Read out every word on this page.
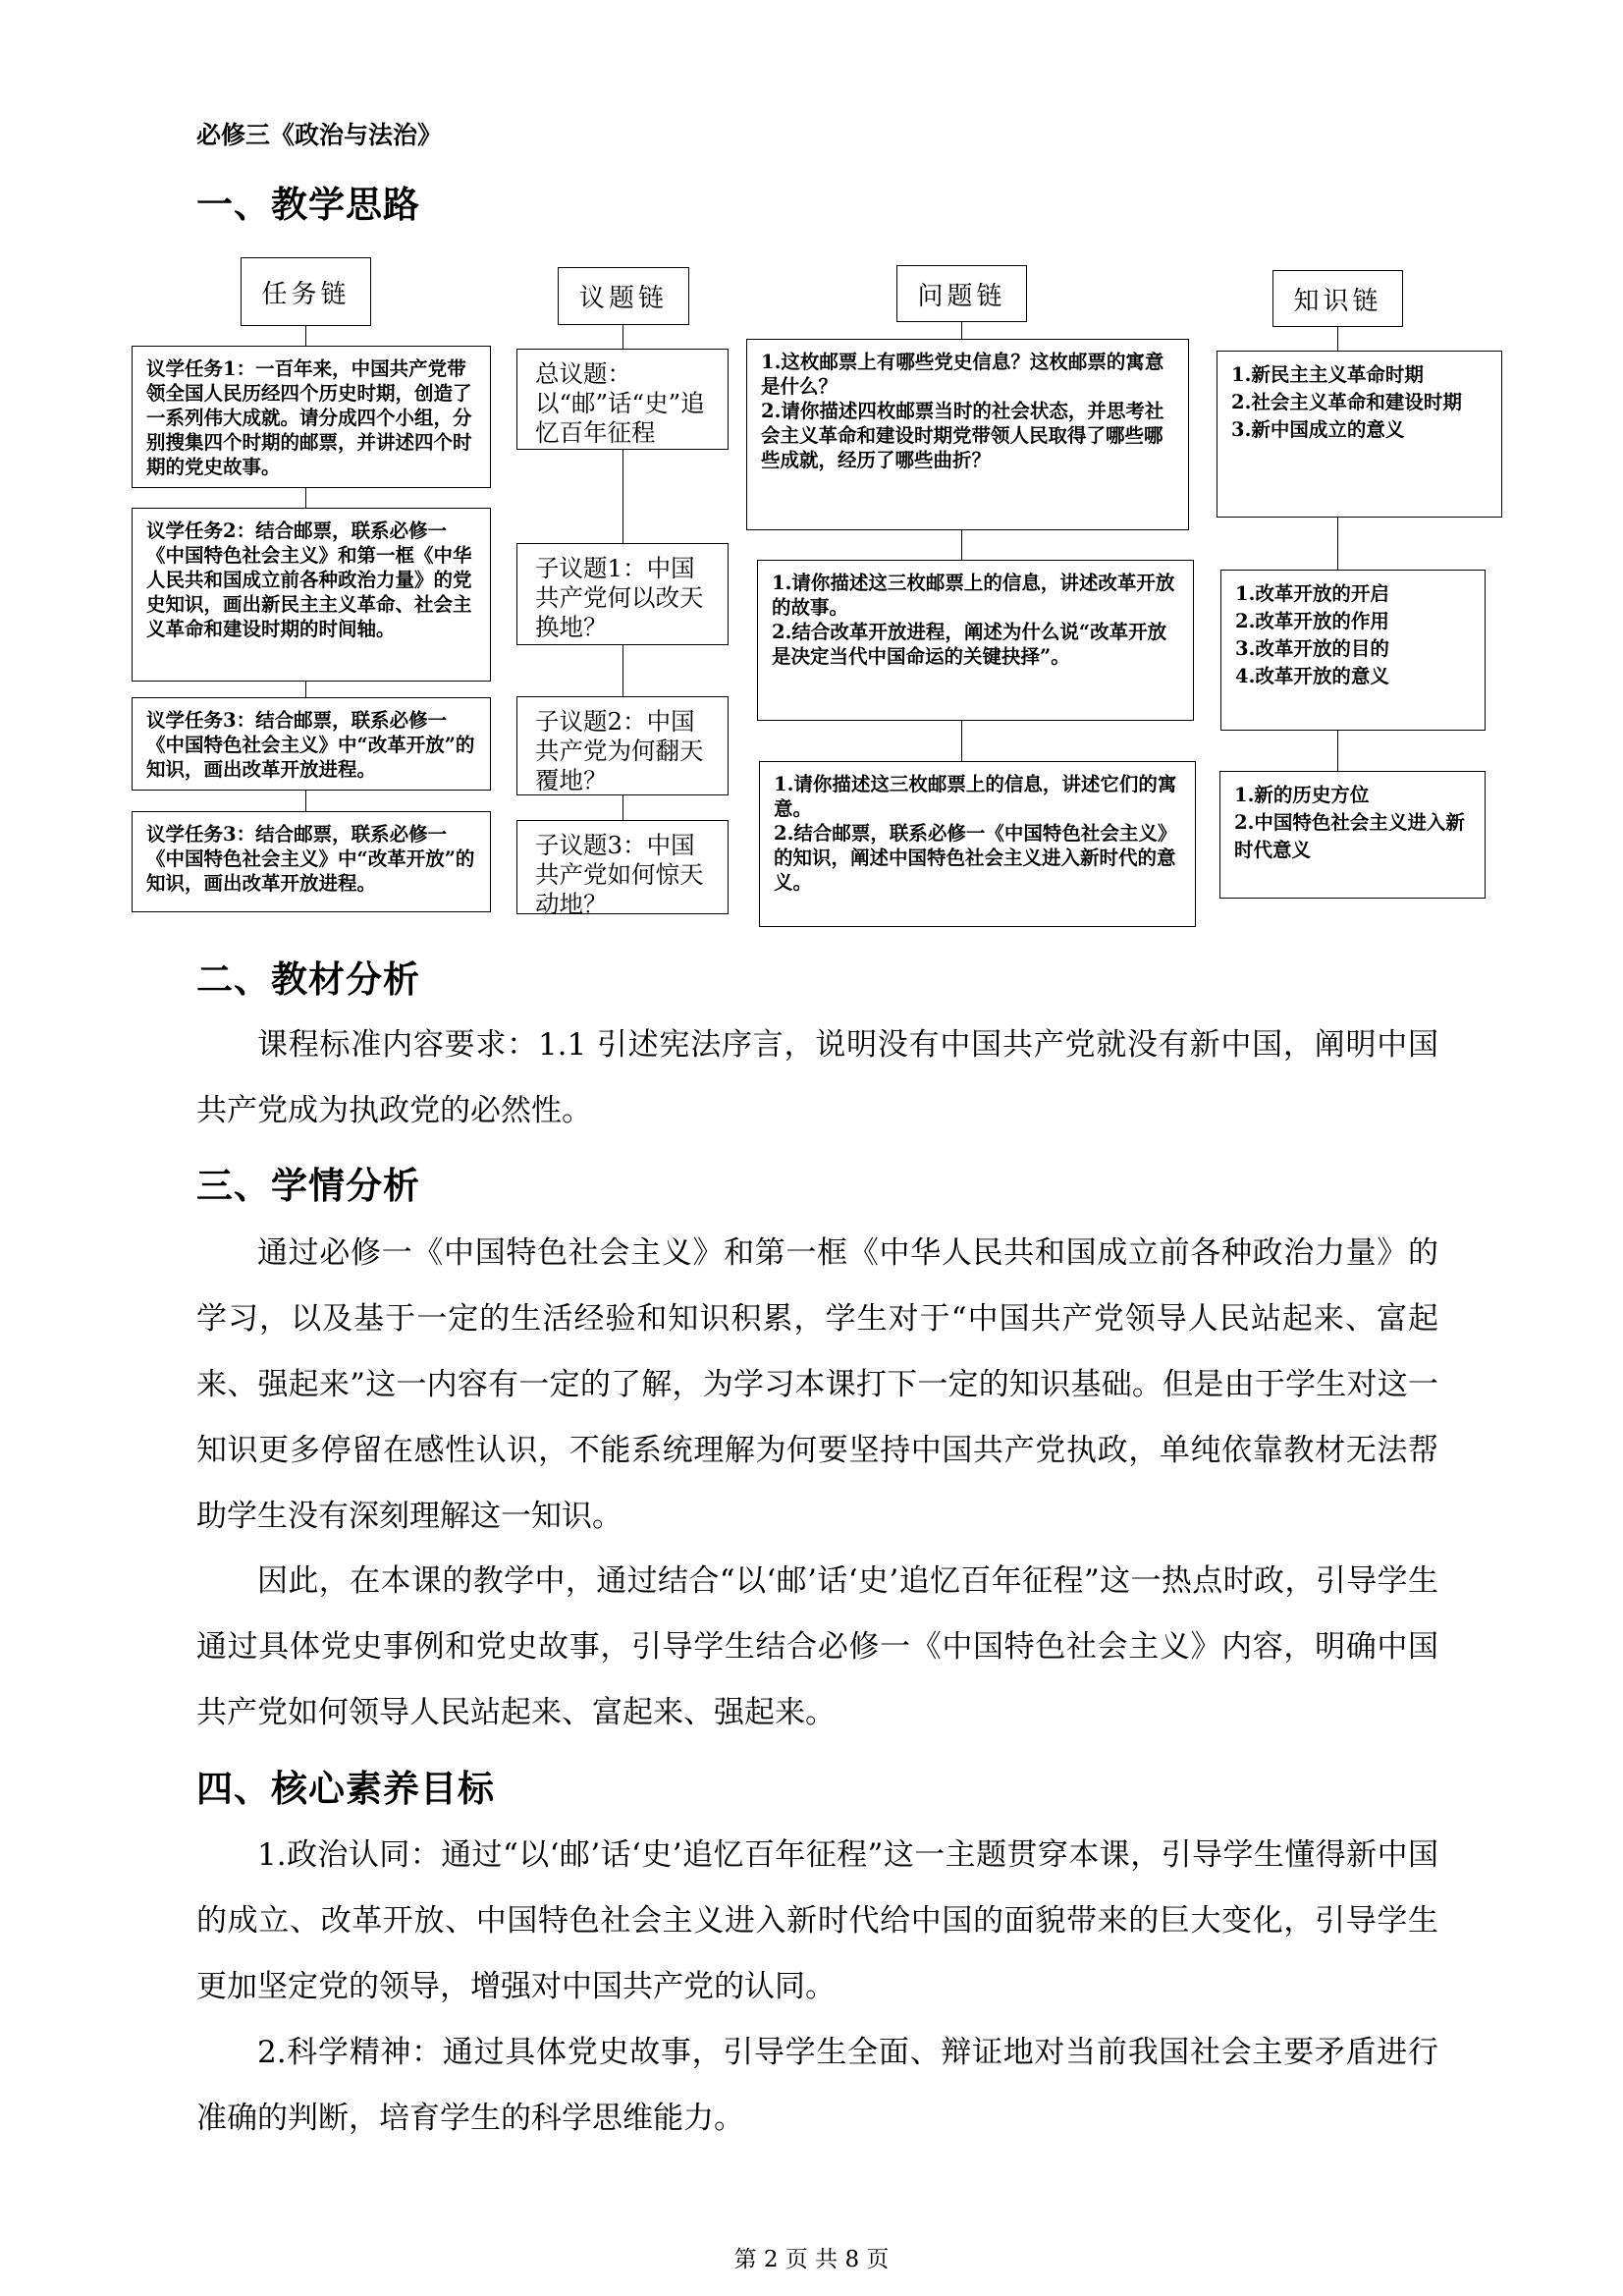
必修三《政治与法治》
一、教学思路
任务链	议题链	问题链	知识链
议学任务1：一百年来，中国共产党带领全国人民历经四个历史时期，创造了一系列伟大成就。请分成四个小组，分别搜集四个时期的邮票，并讲述四个时期的党史故事。
议学任务2：结合邮票，联系必修一《中国特色社会主义》和第一框《中华人民共和国成立前各种政治力量》的党史知识，画出新民主主义革命、社会主义革命和建设时期的时间轴。
议学任务3：结合邮票，联系必修一《中国特色社会主义》中“改革开放”的知识，画出改革开放进程。
议学任务3：结合邮票，联系必修一《中国特色社会主义》中“改革开放”的知识，画出改革开放进程。
总议题：以“邮”话“史”追忆百年征程
子议题1：中国共产党何以改天换地？
子议题2：中国共产党为何翻天覆地？
子议题3：中国共产党如何惊天动地？
1.这枚邮票上有哪些党史信息？这枚邮票的寓意是什么？
2.请你描述四枚邮票当时的社会状态，并思考社会主义革命和建设时期党带领人民取得了哪些哪些成就，经历了哪些曲折？
1.请你描述这三枚邮票上的信息，讲述改革开放的故事。
2.结合改革开放进程，阐述为什么说“改革开放是决定当代中国命运的关键抉择”。
1.请你描述这三枚邮票上的信息，讲述它们的寓意。
2.结合邮票，联系必修一《中国特色社会主义》的知识，阐述中国特色社会主义进入新时代的意义。
1.新民主主义革命时期
2.社会主义革命和建设时期
3.新中国成立的意义
1.改革开放的开启
2.改革开放的作用
3.改革开放的目的
4.改革开放的意义
1.新的历史方位
2.中国特色社会主义进入新时代意义
二、教材分析

课程标准内容要求：1.1 引述宪法序言，说明没有中国共产党就没有新中国，阐明中国共产党成为执政党的必然性。

三、学情分析

通过必修一《中国特色社会主义》和第一框《中华人民共和国成立前各种政治力量》的学习，以及基于一定的生活经验和知识积累，学生对于“中国共产党领导人民站起来、富起来、强起来”这一内容有一定的了解，为学习本课打下一定的知识基础。但是由于学生对这一知识更多停留在感性认识，不能系统理解为何要坚持中国共产党执政，单纯依靠教材无法帮助学生没有深刻理解这一知识。

因此，在本课的教学中，通过结合“以‘邮’话‘史’追忆百年征程”这一热点时政，引导学生通过具体党史事例和党史故事，引导学生结合必修一《中国特色社会主义》内容，明确中国共产党如何领导人民站起来、富起来、强起来。

四、核心素养目标

1.政治认同：通过“以‘邮’话‘史’追忆百年征程”这一主题贯穿本课，引导学生懂得新中国的成立、改革开放、中国特色社会主义进入新时代给中国的面貌带来的巨大变化，引导学生更加坚定党的领导，增强对中国共产党的认同。

2.科学精神：通过具体党史故事，引导学生全面、辩证地对当前我国社会主要矛盾进行准确的判断，培育学生的科学思维能力。

第 2 页 共 8 页
